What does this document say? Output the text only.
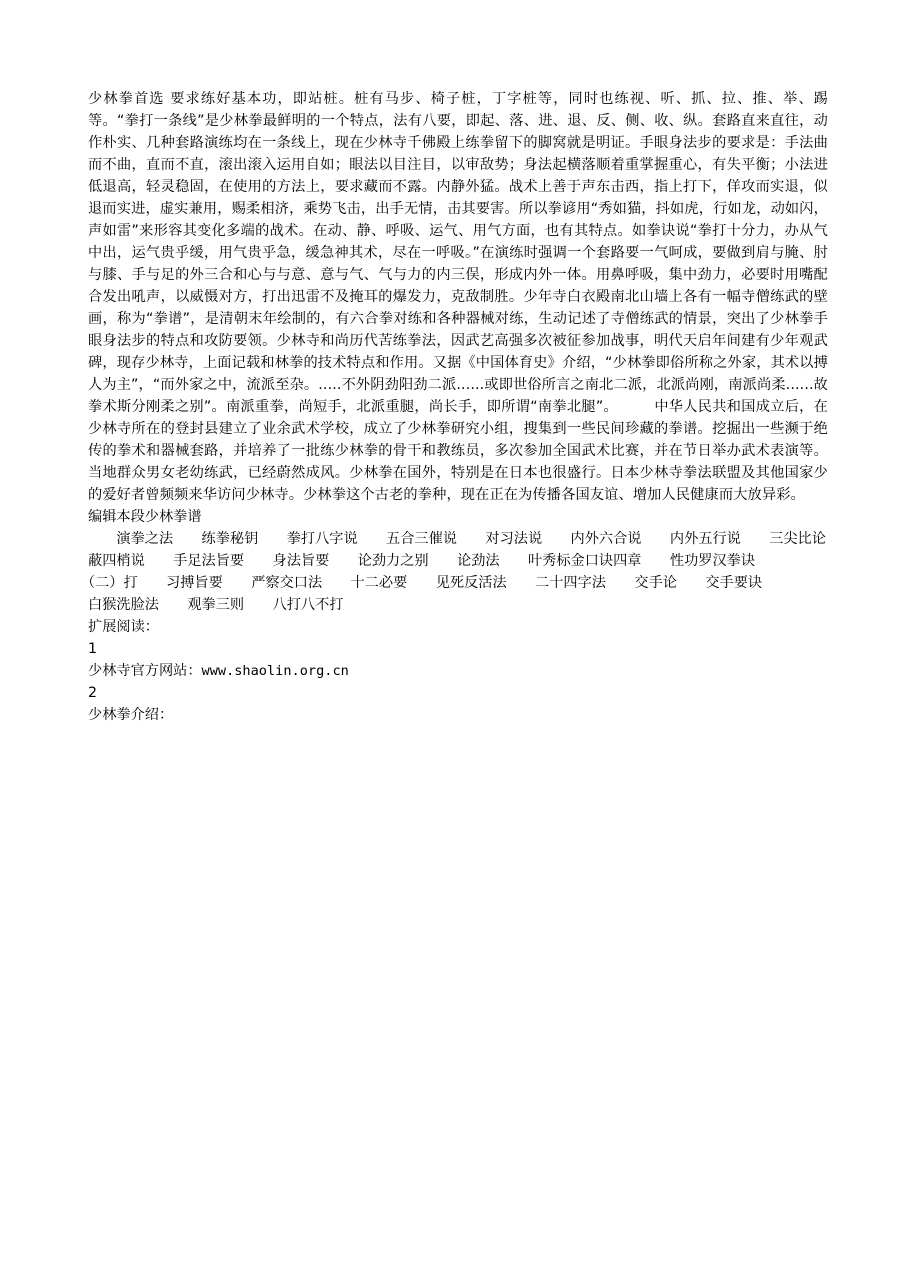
少林拳首选 要求练好基本功，即站桩。桩有马步、椅子桩，丁字桩等，同时也练视、听、抓、拉、推、举、踢等。“拳打一条线”是少林拳最鲜明的一个特点，法有八要，即起、落、进、退、反、侧、收、纵。套路直来直往，动作朴实、几种套路演练均在一条线上，现在少林寺千佛殿上练拳留下的脚窝就是明证。手眼身法步的要求是：手法曲而不曲，直而不直，滚出滚入运用自如；眼法以目注目，以审敌势；身法起横落顺着重掌握重心，有失平衡；小法进低退高，轻灵稳固，在使用的方法上，要求藏而不露。内静外猛。战术上善于声东击西，指上打下，佯攻而实退，似退而实进，虚实兼用，赐柔相济，乘势飞击，出手无情，击其要害。所以拳谚用“秀如猫，抖如虎，行如龙，动如闪，声如雷”来形容其变化多端的战术。在动、静、呼吸、运气、用气方面，也有其特点。如拳诀说“拳打十分力，办从气中出，运气贵乎缓，用气贵乎急，缓急神其术，尽在一呼吸。”在演练时强调一个套路要一气呵成，要做到肩与腌、肘与膝、手与足的外三合和心与与意、意与气、气与力的内三俣，形成内外一体。用鼻呼吸，集中劲力，必要时用嘴配合发出吼声，以威慑对方，打出迅雷不及掩耳的爆发力，克敌制胜。少年寺白衣殿南北山墙上各有一幅寺僧练武的壁画，称为“拳谱”，是清朝末年绘制的，有六合拳对练和各种器械对练，生动记述了寺僧练武的情景，突出了少林拳手眼身法步的特点和攻防要领。少林寺和尚历代苦练拳法，因武艺高强多次被征参加战事，明代天启年间建有少年观武碑，现存少林寺，上面记载和林拳的技术特点和作用。又据《中国体育史》介绍，“少林拳即俗所称之外家，其术以搏人为主”，“而外家之中，流派至杂。.....不外阴劲阳劲二派......或即世俗所言之南北二派，北派尚刚，南派尚柔......故拳术斯分刚柔之别”。南派重拳，尚短手，北派重腿，尚长手，即所谓“南拳北腿”。　　　中华人民共和国成立后，在少林寺所在的登封县建立了业余武术学校，成立了少林拳研究小组，搜集到一些民间珍藏的拳谱。挖掘出一些濒于绝传的拳术和器械套路，并培养了一批练少林拳的骨干和教练员，多次参加全国武术比赛，并在节日举办武术表演等。当地群众男女老幼练武，已经蔚然成风。少林拳在国外，特别是在日本也很盛行。日本少林寺拳法联盟及其他国家少的爱好者曾频频来华访问少林寺。少林拳这个古老的拳种，现在正在为传播各国友谊、增加人民健康而大放异彩。

编辑本段少林拳谱

　　演拳之法　　 练拳秘钥　　 拳打八字说　　 五合三催说　　 对习法说　　 内外六合说　　 内外五行说　　 三尖比论　　蔽四梢说　　 手足法旨要　　 身法旨要　　 论劲力之别　　 论劲法　　 叶秀标金口诀四章　　 性功罗汉拳诀　　（二）打　　 习搏旨要　　 严察交口法　　 十二必要　　 见死反活法　　 二十四字法　　 交手论　　 交手要诀　　白猴洗脸法　　 观拳三则　　 八打八不打

扩展阅读：

1

少林寺官方网站：www.shaolin.org.cn

2

少林拳介绍：
